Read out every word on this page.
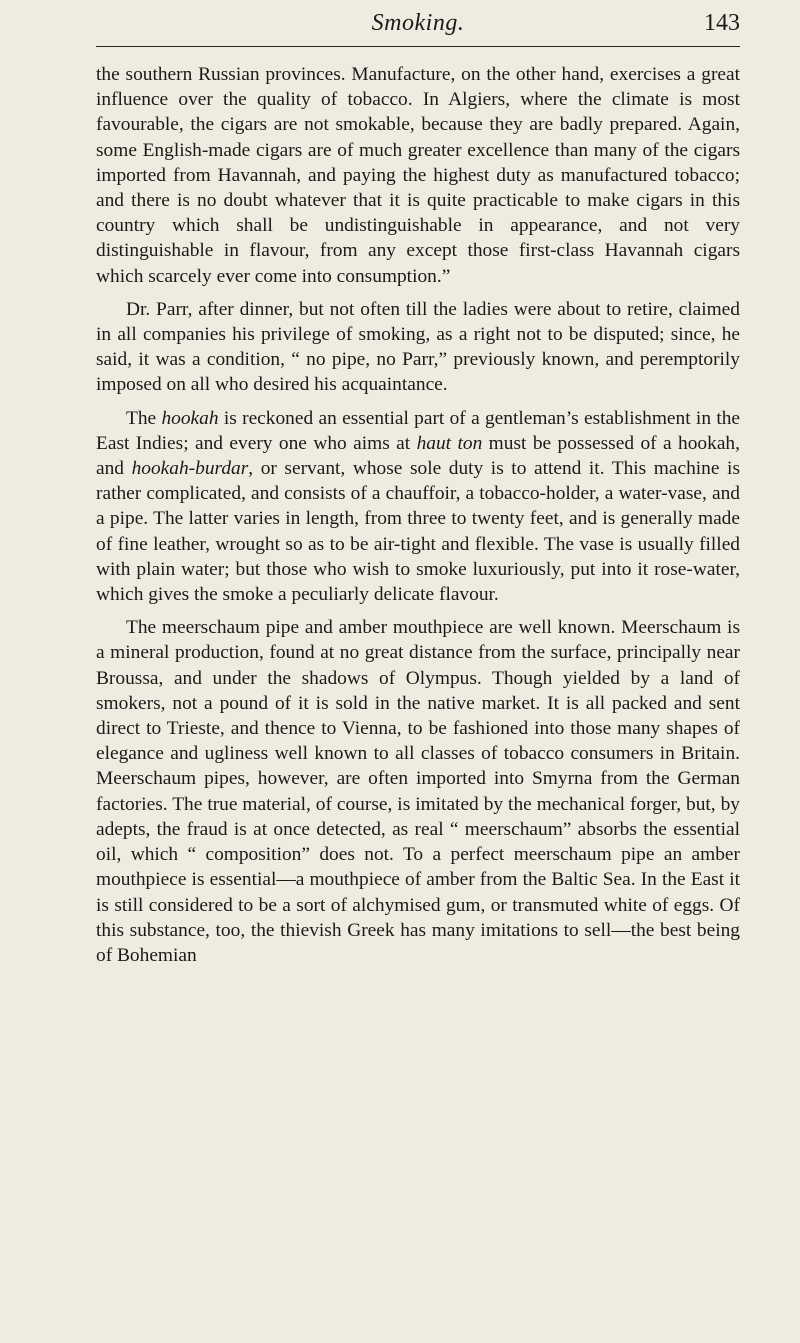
Smoking.	143

the southern Russian provinces. Manufacture, on the other hand, exercises a great influence over the quality of tobacco. In Algiers, where the climate is most favourable, the cigars are not smokable, because they are badly prepared. Again, some English-made cigars are of much greater excellence than many of the cigars imported from Havannah, and paying the highest duty as manufactured tobacco; and there is no doubt whatever that it is quite practicable to make cigars in this country which shall be undistinguishable in appearance, and not very distinguishable in flavour, from any except those first-class Havannah cigars which scarcely ever come into consumption.”

Dr. Parr, after dinner, but not often till the ladies were about to retire, claimed in all companies his privilege of smoking, as a right not to be disputed; since, he said, it was a condition, “ no pipe, no Parr,” previously known, and peremptorily imposed on all who desired his acquaintance.

The hookah is reckoned an essential part of a gentleman’s establishment in the East Indies; and every one who aims at haut ton must be possessed of a hookah, and hookah-burdar, or servant, whose sole duty is to attend it. This machine is rather complicated, and consists of a chauffoir, a tobacco-holder, a water-vase, and a pipe. The latter varies in length, from three to twenty feet, and is generally made of fine leather, wrought so as to be air-tight and flexible. The vase is usually filled with plain water; but those who wish to smoke luxuriously, put into it rose-water, which gives the smoke a peculiarly delicate flavour.

The meerschaum pipe and amber mouthpiece are well known. Meerschaum is a mineral production, found at no great distance from the surface, principally near Broussa, and under the shadows of Olympus. Though yielded by a land of smokers, not a pound of it is sold in the native market. It is all packed and sent direct to Trieste, and thence to Vienna, to be fashioned into those many shapes of elegance and ugliness well known to all classes of tobacco consumers in Britain. Meerschaum pipes, however, are often imported into Smyrna from the German factories. The true material, of course, is imitated by the mechanical forger, but, by adepts, the fraud is at once detected, as real “ meerschaum” absorbs the essential oil, which “ composition” does not. To a perfect meerschaum pipe an amber mouthpiece is essential—a mouthpiece of amber from the Baltic Sea. In the East it is still considered to be a sort of alchymised gum, or transmuted white of eggs. Of this substance, too, the thievish Greek has many imitations to sell—the best being of Bohemian
